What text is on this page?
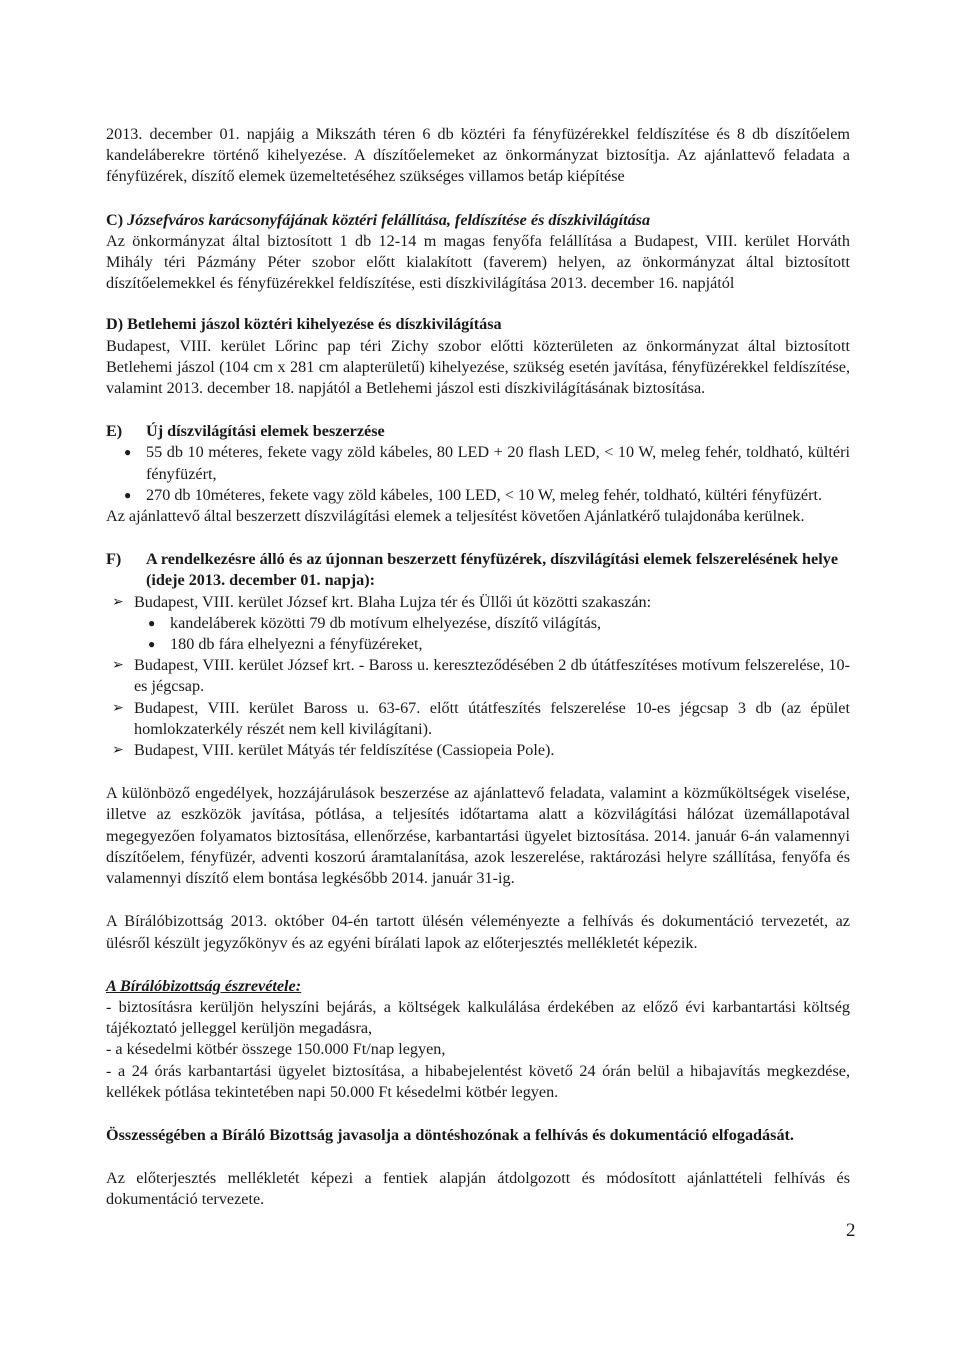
2013. december 01. napjáig a Mikszáth téren 6 db köztéri fa fényfüzérekkel feldíszítése és 8 db díszítőelem kandeláberekre történő kihelyezése. A díszítőelemeket az önkormányzat biztosítja. Az ajánlattevő feladata a fényfüzérek, díszítő elemek üzemeltetéséhez szükséges villamos betáp kiépítése

C) Józsefváros karácsonyfájának köztéri felállítása, feldíszítése és díszkivilágítása

Az önkormányzat által biztosított 1 db 12-14 m magas fenyőfa felállítása a Budapest, VIII. kerület Horváth Mihály téri Pázmány Péter szobor előtt kialakított (faverem) helyen, az önkormányzat által biztosított díszítőelemekkel és fényfüzérekkel feldíszítése, esti díszkivilágítása 2013. december 16. napjától

D) Betlehemi jászol köztéri kihelyezése és díszkivilágítása

Budapest, VIII. kerület Lőrinc pap téri Zichy szobor előtti közterületen az önkormányzat által biztosított Betlehemi jászol (104 cm x 281 cm alapterületű) kihelyezése, szükség esetén javítása, fényfüzérekkel feldíszítése, valamint 2013. december 18. napjától a Betlehemi jászol esti díszkivilágításának biztosítása.

E)	Új díszvilágítási elemek beszerzése
● 55 db 10 méteres, fekete vagy zöld kábeles, 80 LED + 20 flash LED, < 10 W, meleg fehér, toldható, kültéri fényfüzért,
● 270 db 10méteres, fekete vagy zöld kábeles, 100 LED, < 10 W, meleg fehér, toldható, kültéri fényfüzért.

Az ajánlattevő által beszerzett díszvilágítási elemek a teljesítést követően Ajánlatkérő tulajdonába kerülnek.

F)	A rendelkezésre álló és az újonnan beszerzett fényfüzérek, díszvilágítási elemek felszerelésének helye (ideje 2013. december 01. napja):
➢ Budapest, VIII. kerület József krt. Blaha Lujza tér és Üllői út közötti szakaszán:
● kandeláberek közötti 79 db motívum elhelyezése, díszítő világítás,
● 180 db fára elhelyezni a fényfüzéreket,
➢ Budapest, VIII. kerület József krt. - Baross u. kereszteződésében 2 db útátfeszítéses motívum felszerelése, 10-es jégcsap.
➢ Budapest, VIII. kerület Baross u. 63-67. előtt útátfeszítés felszerelése 10-es jégcsap 3 db (az épület homlokzaterkély részét nem kell kivilágítani).
➢ Budapest, VIII. kerület Mátyás tér feldíszítése (Cassiopeia Pole).

A különböző engedélyek, hozzájárulások beszerzése az ajánlattevő feladata, valamint a közműköltségek viselése, illetve az eszközök javítása, pótlása, a teljesítés időtartama alatt a közvilágítási hálózat üzemállapotával megegyezően folyamatos biztosítása, ellenőrzése, karbantartási ügyelet biztosítása. 2014. január 6-án valamennyi díszítőelem, fényfüzér, adventi koszorú áramtalanítása, azok leszerelése, raktározási helyre szállítása, fenyőfa és valamennyi díszítő elem bontása legkésőbb 2014. január 31-ig.

A Bírálóbizottság 2013. október 04-én tartott ülésén véleményezte a felhívás és dokumentáció tervezetét, az ülésről készült jegyzőkönyv és az egyéni bírálati lapok az előterjesztés mellékletét képezik.

A Bírálóbizottság észrevétele:

- biztosításra kerüljön helyszíni bejárás, a költségek kalkulálása érdekében az előző évi karbantartási költség tájékoztató jelleggel kerüljön megadásra,

- a késedelmi kötbér összege 150.000 Ft/nap legyen,

- a 24 órás karbantartási ügyelet biztosítása, a hibabejelentést követő 24 órán belül a hibajavítás megkezdése, kellékek pótlása tekintetében napi 50.000 Ft késedelmi kötbér legyen.

Összességében a Bíráló Bizottság javasolja a döntéshozónak a felhívás és dokumentáció elfogadását.

Az előterjesztés mellékletét képezi a fentiek alapján átdolgozott és módosított ajánlattételi felhívás és dokumentáció tervezete.

2
